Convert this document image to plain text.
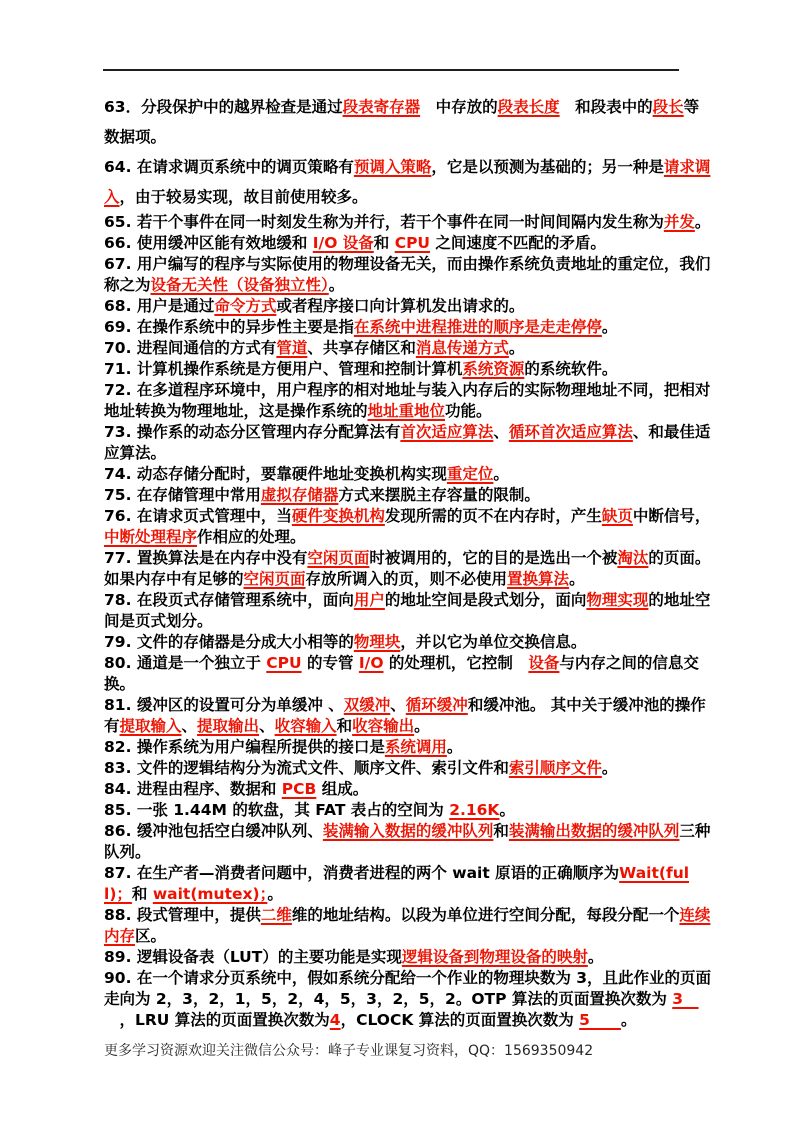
63．分段保护中的越界检查是通过段表寄存器　中存放的段表长度　和段表中的段长等数据项。

64. 在请求调页系统中的调页策略有预调入策略，它是以预测为基础的；另一种是请求调入，由于较易实现，故目前使用较多。

65. 若干个事件在同一时刻发生称为并行，若干个事件在同一时间间隔内发生称为并发。

66. 使用缓冲区能有效地缓和 I/O 设备和 CPU 之间速度不匹配的矛盾。

67. 用户编写的程序与实际使用的物理设备无关，而由操作系统负责地址的重定位，我们称之为设备无关性（设备独立性）。

68. 用户是通过命令方式或者程序接口向计算机发出请求的。

69. 在操作系统中的异步性主要是指在系统中进程推进的顺序是走走停停。

70. 进程间通信的方式有管道、共享存储区和消息传递方式。

71. 计算机操作系统是方便用户、管理和控制计算机系统资源的系统软件。

72. 在多道程序环境中，用户程序的相对地址与装入内存后的实际物理地址不同，把相对地址转换为物理地址，这是操作系统的地址重地位功能。

73. 操作系的动态分区管理内存分配算法有首次适应算法、循环首次适应算法、和最佳适应算法。

74. 动态存储分配时，要靠硬件地址变换机构实现重定位。

75. 在存储管理中常用虚拟存储器方式来摆脱主存容量的限制。

76. 在请求页式管理中，当硬件变换机构发现所需的页不在内存时，产生缺页中断信号，中断处理程序作相应的处理。

77. 置换算法是在内存中没有空闲页面时被调用的，它的目的是选出一个被淘汰的页面。如果内存中有足够的空闲页面存放所调入的页，则不必使用置换算法。

78. 在段页式存储管理系统中，面向用户的地址空间是段式划分，面向物理实现的地址空间是页式划分。

79. 文件的存储器是分成大小相等的物理块，并以它为单位交换信息。

80. 通道是一个独立于 CPU 的专管 I/O 的处理机，它控制　设备与内存之间的信息交换。

81. 缓冲区的设置可分为单缓冲 、双缓冲、循环缓冲和缓冲池。 其中关于缓冲池的操作有提取输入、提取输出、收容输入和收容输出。

82. 操作系统为用户编程所提供的接口是系统调用。

83. 文件的逻辑结构分为流式文件、顺序文件、索引文件和索引顺序文件。

84. 进程由程序、数据和 PCB 组成。

85. 一张 1.44M 的软盘，其 FAT 表占的空间为 2.16K。

86. 缓冲池包括空白缓冲队列、装满输入数据的缓冲队列和装满输出数据的缓冲队列三种队列。

87. 在生产者—消费者问题中，消费者进程的两个 wait 原语的正确顺序为Wait(full)；和 wait(mutex)；。

88. 段式管理中，提供二维维的地址结构。以段为单位进行空间分配，每段分配一个连续内存区。

89. 逻辑设备表（LUT）的主要功能是实现逻辑设备到物理设备的映射。

90. 在一个请求分页系统中，假如系统分配给一个作业的物理块数为 3，且此作业的页面走向为 2，3，2，1，5，2，4，5，3，2，5，2。OTP 算法的页面置换次数为 3　　，LRU 算法的页面置换次数为4，CLOCK 算法的页面置换次数为 5　　。

更多学习资源欢迎关注微信公众号：峰子专业课复习资料，QQ：1569350942
